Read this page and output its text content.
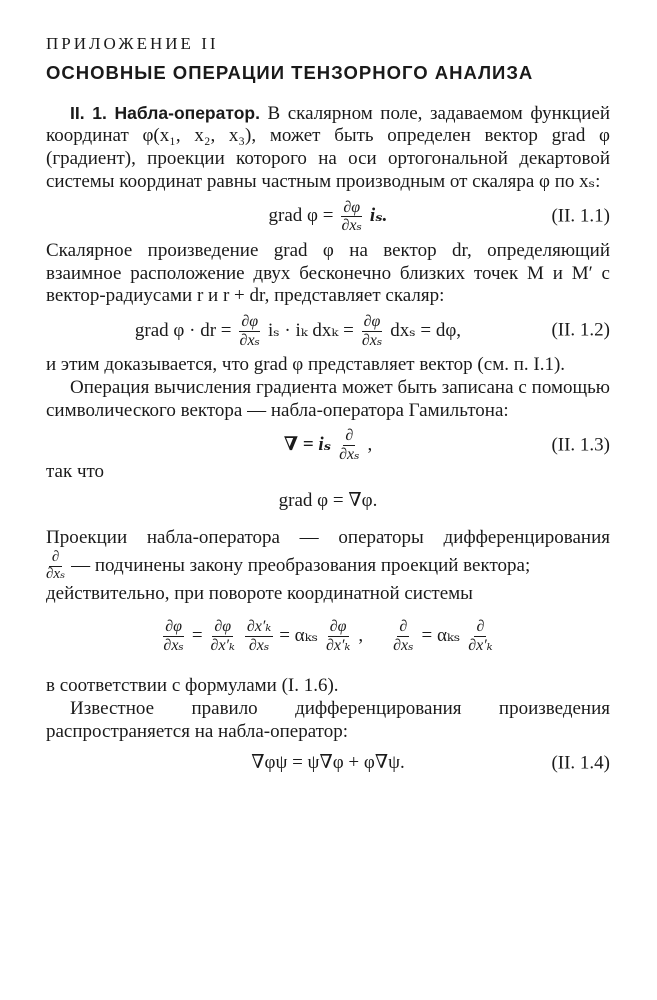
ПРИЛОЖЕНИЕ II
ОСНОВНЫЕ ОПЕРАЦИИ ТЕНЗОРНОГО АНАЛИЗА

II. 1. Набла-оператор. В скалярном поле, задаваемом функцией координат φ(x₁, x₂, x₃), может быть определен вектор grad φ (градиент), проекции которого на оси ортогональной декартовой системы координат равны частным производным от скаляра φ по xₛ:

grad $\varphi = \frac{\partial\varphi}{\text{∂xₛ}} i_s$.	(II. 1.1)

Скалярное произведение grad φ на вектор dr, определяющий взаимное расположение двух бесконечно близких точек M и M′ с вектор-радиусами r и r + dr, представляет скаляр:

grad φ · dr = $\frac{\partial\varphi}{\text{∂xₛ}}$ iₛ · iₖ $dx_k = \frac{\partial\varphi}{\text{∂xₛ}}$ dxₛ = dφ,	(II. 1.2)

и этим доказывается, что grad φ представляет вектор (см. п. I.1).

Операция вычисления градиента может быть записана с помощью символического вектора — набла-оператора Гамильтона:

∇ = iₛ $\frac{\partial}{\text{∂xₛ}}$ ,	(II. 1.3)

так что

grad φ = ∇φ.

Проекции набла-оператора — операторы дифференцирования

$\frac{\partial}{\text{∂xₛ}}$ — подчинены закону преобразования проекций вектора;

действительно, при повороте координатной системы

$\frac{\partial\varphi}{\text{∂xₛ}} = \frac{\partial\varphi}{\text{∂x′ₖ}} \frac{\text{∂x′ₖ}}{\text{∂xₛ}} = \alpha_{ks} \frac{\partial\varphi}{\text{∂x′ₖ}}$ , $\frac{\partial}{\text{∂xₛ}} = \alpha_{ks} \frac{\partial}{\text{∂x′ₖ}}$

в соответствии с формулами (I. 1.6).

Известное правило дифференцирования произведения распространяется на набла-оператор:

∇φψ = ψ∇φ + φ∇ψ.	(II. 1.4)
